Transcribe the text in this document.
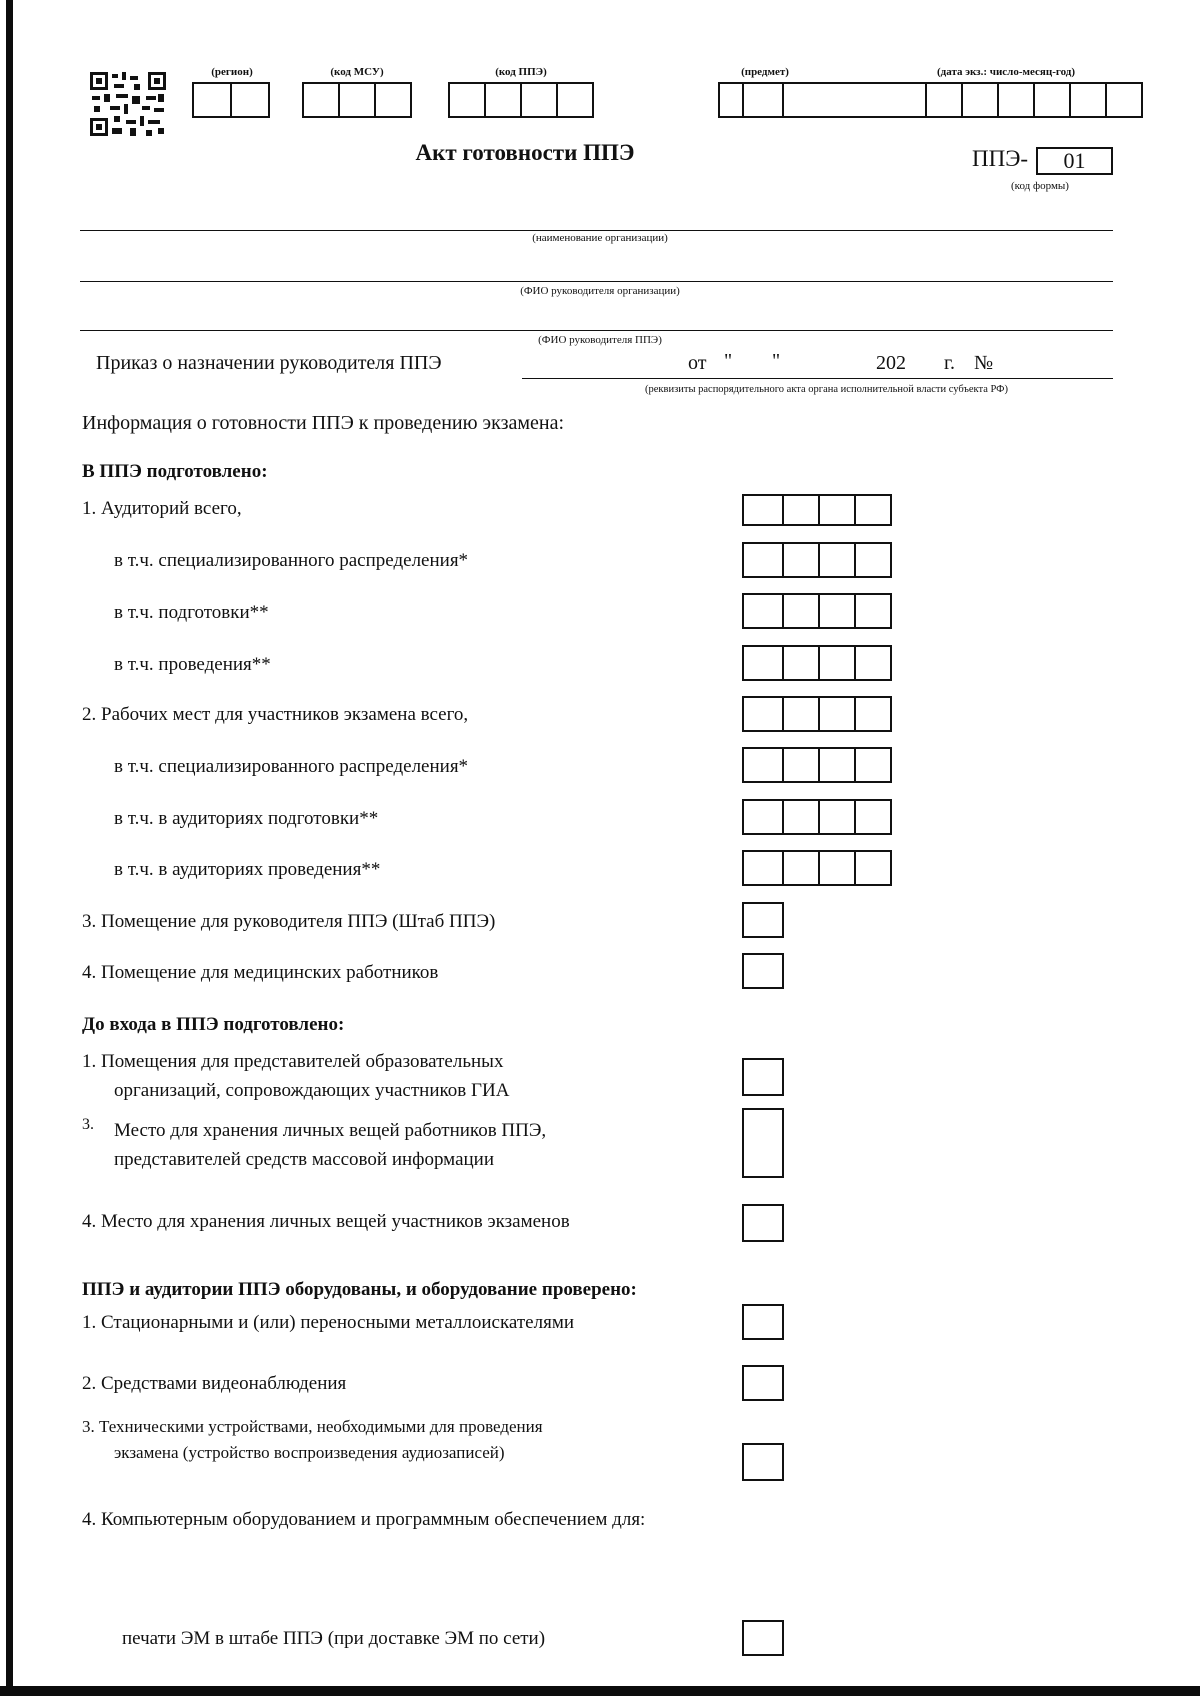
(регион)	(код МСУ)	(код ППЭ)	(предмет)	(дата экз.: число-месяц-год)
Акт готовности ППЭ	ППЭ-	01
(код формы)
(наименование организации)
(ФИО руководителя организации)
(ФИО руководителя ППЭ)
Приказ о назначении руководителя ППЭ	от " "	202 г. №
(реквизиты распорядительного акта органа исполнительной власти субъекта РФ)
Информация о готовности ППЭ к проведению экзамена:
В ППЭ подготовлено:
1. Аудиторий всего,
в т.ч. специализированного распределения*
в т.ч. подготовки**
в т.ч. проведения**
2. Рабочих мест для участников экзамена всего,
в т.ч. специализированного распределения*
в т.ч. в аудиториях подготовки**
в т.ч. в аудиториях проведения**
3. Помещение для руководителя ППЭ (Штаб ППЭ)
4. Помещение для медицинских работников
До входа в ППЭ подготовлено:
1. Помещения для представителей образовательных
организаций, сопровождающих участников ГИА
3. Место для хранения личных вещей работников ППЭ,
представителей средств массовой информации
4. Место для хранения личных вещей участников экзаменов
ППЭ и аудитории ППЭ оборудованы, и оборудование проверено:
1. Стационарными и (или) переносными металлоискателями
2. Средствами видеонаблюдения
3. Техническими устройствами, необходимыми для проведения
экзамена (устройство воспроизведения аудиозаписей)
4. Компьютерным оборудованием и программным обеспечением для:
печати ЭМ в штабе ППЭ (при доставке ЭМ по сети)
